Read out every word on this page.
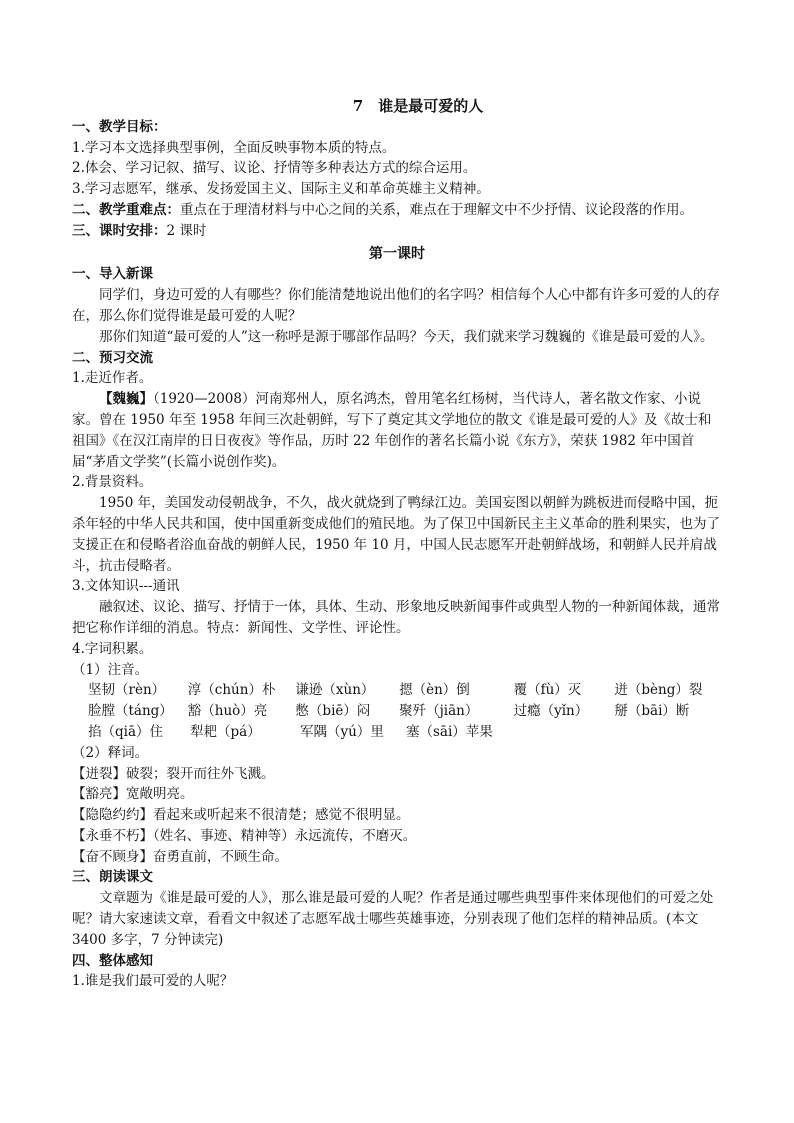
7　谁是最可爱的人

一、教学目标：

1.学习本文选择典型事例，全面反映事物本质的特点。

2.体会、学习记叙、描写、议论、抒情等多种表达方式的综合运用。

3.学习志愿军，继承、发扬爱国主义、国际主义和革命英雄主义精神。

二、教学重难点：重点在于理清材料与中心之间的关系，难点在于理解文中不少抒情、议论段落的作用。

三、课时安排：2 课时

第一课时

一、导入新课

同学们，身边可爱的人有哪些？你们能清楚地说出他们的名字吗？相信每个人心中都有许多可爱的人的存在，那么你们觉得谁是最可爱的人呢？

那你们知道“最可爱的人”这一称呼是源于哪部作品吗？今天，我们就来学习魏巍的《谁是最可爱的人》。

二、预习交流

1.走近作者。

【魏巍】（1920—2008）河南郑州人，原名鸿杰，曾用笔名红杨树，当代诗人，著名散文作家、小说家。曾在 1950 年至 1958 年间三次赴朝鲜，写下了奠定其文学地位的散文《谁是最可爱的人》及《故士和祖国》《在汉江南岸的日日夜夜》等作品，历时 22 年创作的著名长篇小说《东方》，荣获 1982 年中国首届“茅盾文学奖”(长篇小说创作奖)。

2.背景资料。

1950 年，美国发动侵朝战争，不久，战火就烧到了鸭绿江边。美国妄图以朝鲜为跳板进而侵略中国，扼杀年轻的中华人民共和国，使中国重新变成他们的殖民地。为了保卫中国新民主主义革命的胜利果实，也为了支援正在和侵略者浴血奋战的朝鲜人民，1950 年 10 月，中国人民志愿军开赴朝鲜战场，和朝鲜人民并肩战斗，抗击侵略者。

3.文体知识---通讯

融叙述、议论、描写、抒情于一体，具体、生动、形象地反映新闻事件或典型人物的一种新闻体裁，通常把它称作详细的消息。特点：新闻性、文学性、评论性。

4.字词积累。

（1）注音。

坚韧（rèn）	淳（chún）朴	谦逊（xùn）	摁（èn）倒	覆（fù）灭	迸（bèng）裂
脸膛（táng）	豁（huò）亮	憋（biē）闷	聚歼（jiān）	过瘾（yǐn）	掰（bāi）断
掐（qiā）住	犁耙（pá）	军隅（yú）里	塞（sāi）苹果

（2）释词。

【迸裂】破裂；裂开而往外飞溅。

【豁亮】宽敞明亮。

【隐隐约约】看起来或听起来不很清楚；感觉不很明显。

【永垂不朽】（姓名、事迹、精神等）永远流传，不磨灭。

【奋不顾身】奋勇直前，不顾生命。

三、朗读课文

文章题为《谁是最可爱的人》，那么谁是最可爱的人呢？作者是通过哪些典型事件来体现他们的可爱之处呢？请大家速读文章，看看文中叙述了志愿军战士哪些英雄事迹，分别表现了他们怎样的精神品质。(本文 3400 多字，7 分钟读完)

四、整体感知

1.谁是我们最可爱的人呢？
